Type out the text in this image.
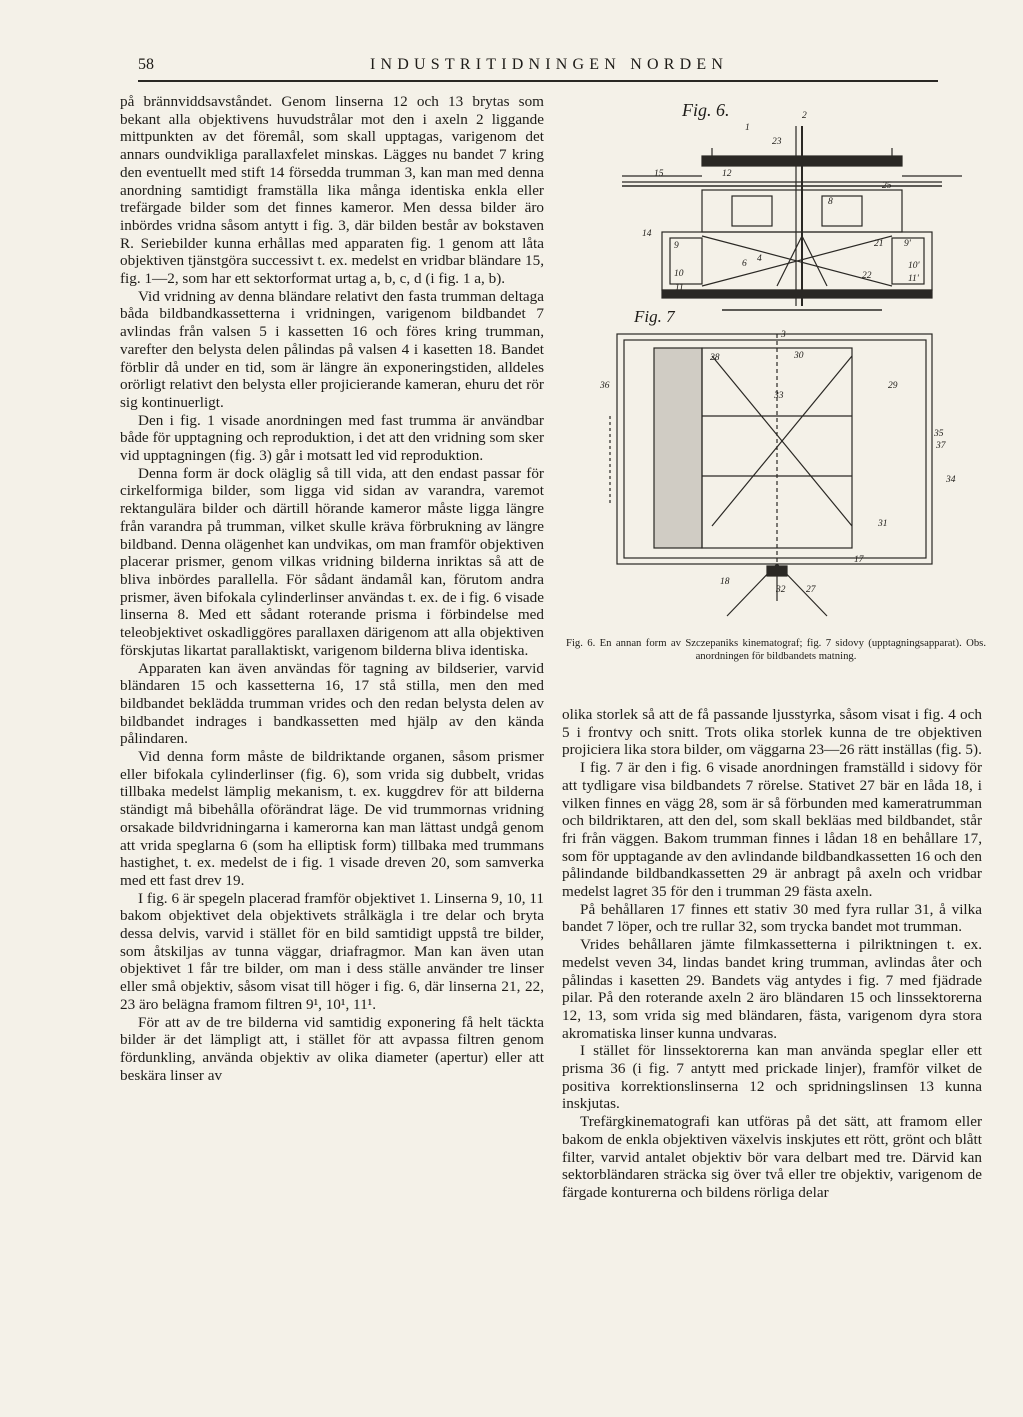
58	INDUSTRITIDNINGEN NORDEN

på brännviddsavståndet. Genom linserna 12 och 13 brytas som bekant alla objektivens huvudstrålar mot den i axeln 2 liggande mittpunkten av det föremål, som skall upptagas, varigenom det annars oundvikliga parallaxfelet minskas. Lägges nu bandet 7 kring den eventuellt med stift 14 försedda trumman 3, kan man med denna anordning samtidigt framställa lika många identiska enkla eller trefärgade bilder som det finnes kameror. Men dessa bilder äro inbördes vridna såsom antytt i fig. 3, där bilden består av bokstaven R. Seriebilder kunna erhållas med apparaten fig. 1 genom att låta objektiven tjänstgöra successivt t. ex. medelst en vridbar bländare 15, fig. 1—2, som har ett sektorformat urtag a, b, c, d (i fig. 1 a, b).

Vid vridning av denna bländare relativt den fasta trumman deltaga båda bildbandkassetterna i vridningen, varigenom bildbandet 7 avlindas från valsen 5 i kassetten 16 och föres kring trumman, varefter den belysta delen pålindas på valsen 4 i kasetten 18. Bandet förblir då under en tid, som är längre än exponeringstiden, alldeles orörligt relativt den belysta eller projicierande kameran, ehuru det rör sig kontinuerligt.

Den i fig. 1 visade anordningen med fast trumma är användbar både för upptagning och reproduktion, i det att den vridning som sker vid upptagningen (fig. 3) går i motsatt led vid reproduktion.

Denna form är dock oläglig så till vida, att den endast passar för cirkelformiga bilder, som ligga vid sidan av varandra, varemot rektangulära bilder och därtill hörande kameror måste ligga längre från varandra på trumman, vilket skulle kräva förbrukning av längre bildband. Denna olägenhet kan undvikas, om man framför objektiven placerar prismer, genom vilkas vridning bilderna inriktas så att de bliva inbördes parallella. För sådant ändamål kan, förutom andra prismer, även bifokala cylinderlinser användas t. ex. de i fig. 6 visade linserna 8. Med ett sådant roterande prisma i förbindelse med teleobjektivet oskadliggöres parallaxen därigenom att alla objektiven förskjutas likartat parallaktiskt, varigenom bilderna bliva identiska.

Apparaten kan även användas för tagning av bildserier, varvid bländaren 15 och kassetterna 16, 17 stå stilla, men den med bildbandet beklädda trumman vrides och den redan belysta delen av bildbandet indrages i bandkassetten med hjälp av den kända pålindaren.

Vid denna form måste de bildriktande organen, såsom prismer eller bifokala cylinderlinser (fig. 6), som vrida sig dubbelt, vridas tillbaka medelst lämplig mekanism, t. ex. kuggdrev för att bilderna ständigt må bibehålla oförändrat läge. De vid trummornas vridning orsakade bildvridningarna i kamerorna kan man lättast undgå genom att vrida speglarna 6 (som ha elliptisk form) tillbaka med trummans hastighet, t. ex. medelst de i fig. 1 visade dreven 20, som samverka med ett fast drev 19.

I fig. 6 är spegeln placerad framför objektivet 1. Linserna 9, 10, 11 bakom objektivet dela objektivets strålkägla i tre delar och bryta dessa delvis, varvid i stället för en bild samtidigt uppstå tre bilder, som åtskiljas av tunna väggar, driafragmor. Man kan även utan objektivet 1 får tre bilder, om man i dess ställe använder tre linser eller små objektiv, såsom visat till höger i fig. 6, där linserna 21, 22, 23 äro belägna framom filtren 9¹, 10¹, 11¹.

För att av de tre bilderna vid samtidig exponering få helt täckta bilder är det lämpligt att, i stället för att avpassa filtren genom fördunkling, använda objektiv av olika diameter (apertur) eller att beskära linser av

Fig. 6.
Fig. 7
1
2
3
4
6
8
9	9'
10
10'
11
11'
12
14
15
17
18
21
22
23
25
27
28
29
30
31
32
33
34
35
36
37
Fig. 6. En annan form av Szczepaniks kinematograf; fig. 7 sidovy (upptagningsapparat). Obs. anordningen för bildbandets matning.

olika storlek så att de få passande ljusstyrka, såsom visat i fig. 4 och 5 i frontvy och snitt. Trots olika storlek kunna de tre objektiven projiciera lika stora bilder, om väggarna 23—26 rätt inställas (fig. 5).

I fig. 7 är den i fig. 6 visade anordningen framställd i sidovy för att tydligare visa bildbandets 7 rörelse. Stativet 27 bär en låda 18, i vilken finnes en vägg 28, som är så förbunden med kameratrumman och bildriktaren, att den del, som skall bekläas med bildbandet, står fri från väggen. Bakom trumman finnes i lådan 18 en behållare 17, som för upptagande av den avlindande bildbandkassetten 16 och den pålindande bildbandkassetten 29 är anbragt på axeln och vridbar medelst lagret 35 för den i trumman 29 fästa axeln.

På behållaren 17 finnes ett stativ 30 med fyra rullar 31, å vilka bandet 7 löper, och tre rullar 32, som trycka bandet mot trumman.

Vrides behållaren jämte filmkassetterna i pilriktningen t. ex. medelst veven 34, lindas bandet kring trumman, avlindas åter och pålindas i kasetten 29. Bandets väg antydes i fig. 7 med fjädrade pilar. På den roterande axeln 2 äro bländaren 15 och linssektorerna 12, 13, som vrida sig med bländaren, fästa, varigenom dyra stora akromatiska linser kunna undvaras.

I stället för linssektorerna kan man använda speglar eller ett prisma 36 (i fig. 7 antytt med prickade linjer), framför vilket de positiva korrektionslinserna 12 och spridningslinsen 13 kunna inskjutas.

Trefärgkinematografi kan utföras på det sätt, att framom eller bakom de enkla objektiven växelvis inskjutes ett rött, grönt och blått filter, varvid antalet objektiv bör vara delbart med tre. Därvid kan sektorbländaren sträcka sig över två eller tre objektiv, varigenom de färgade konturerna och bildens rörliga delar
